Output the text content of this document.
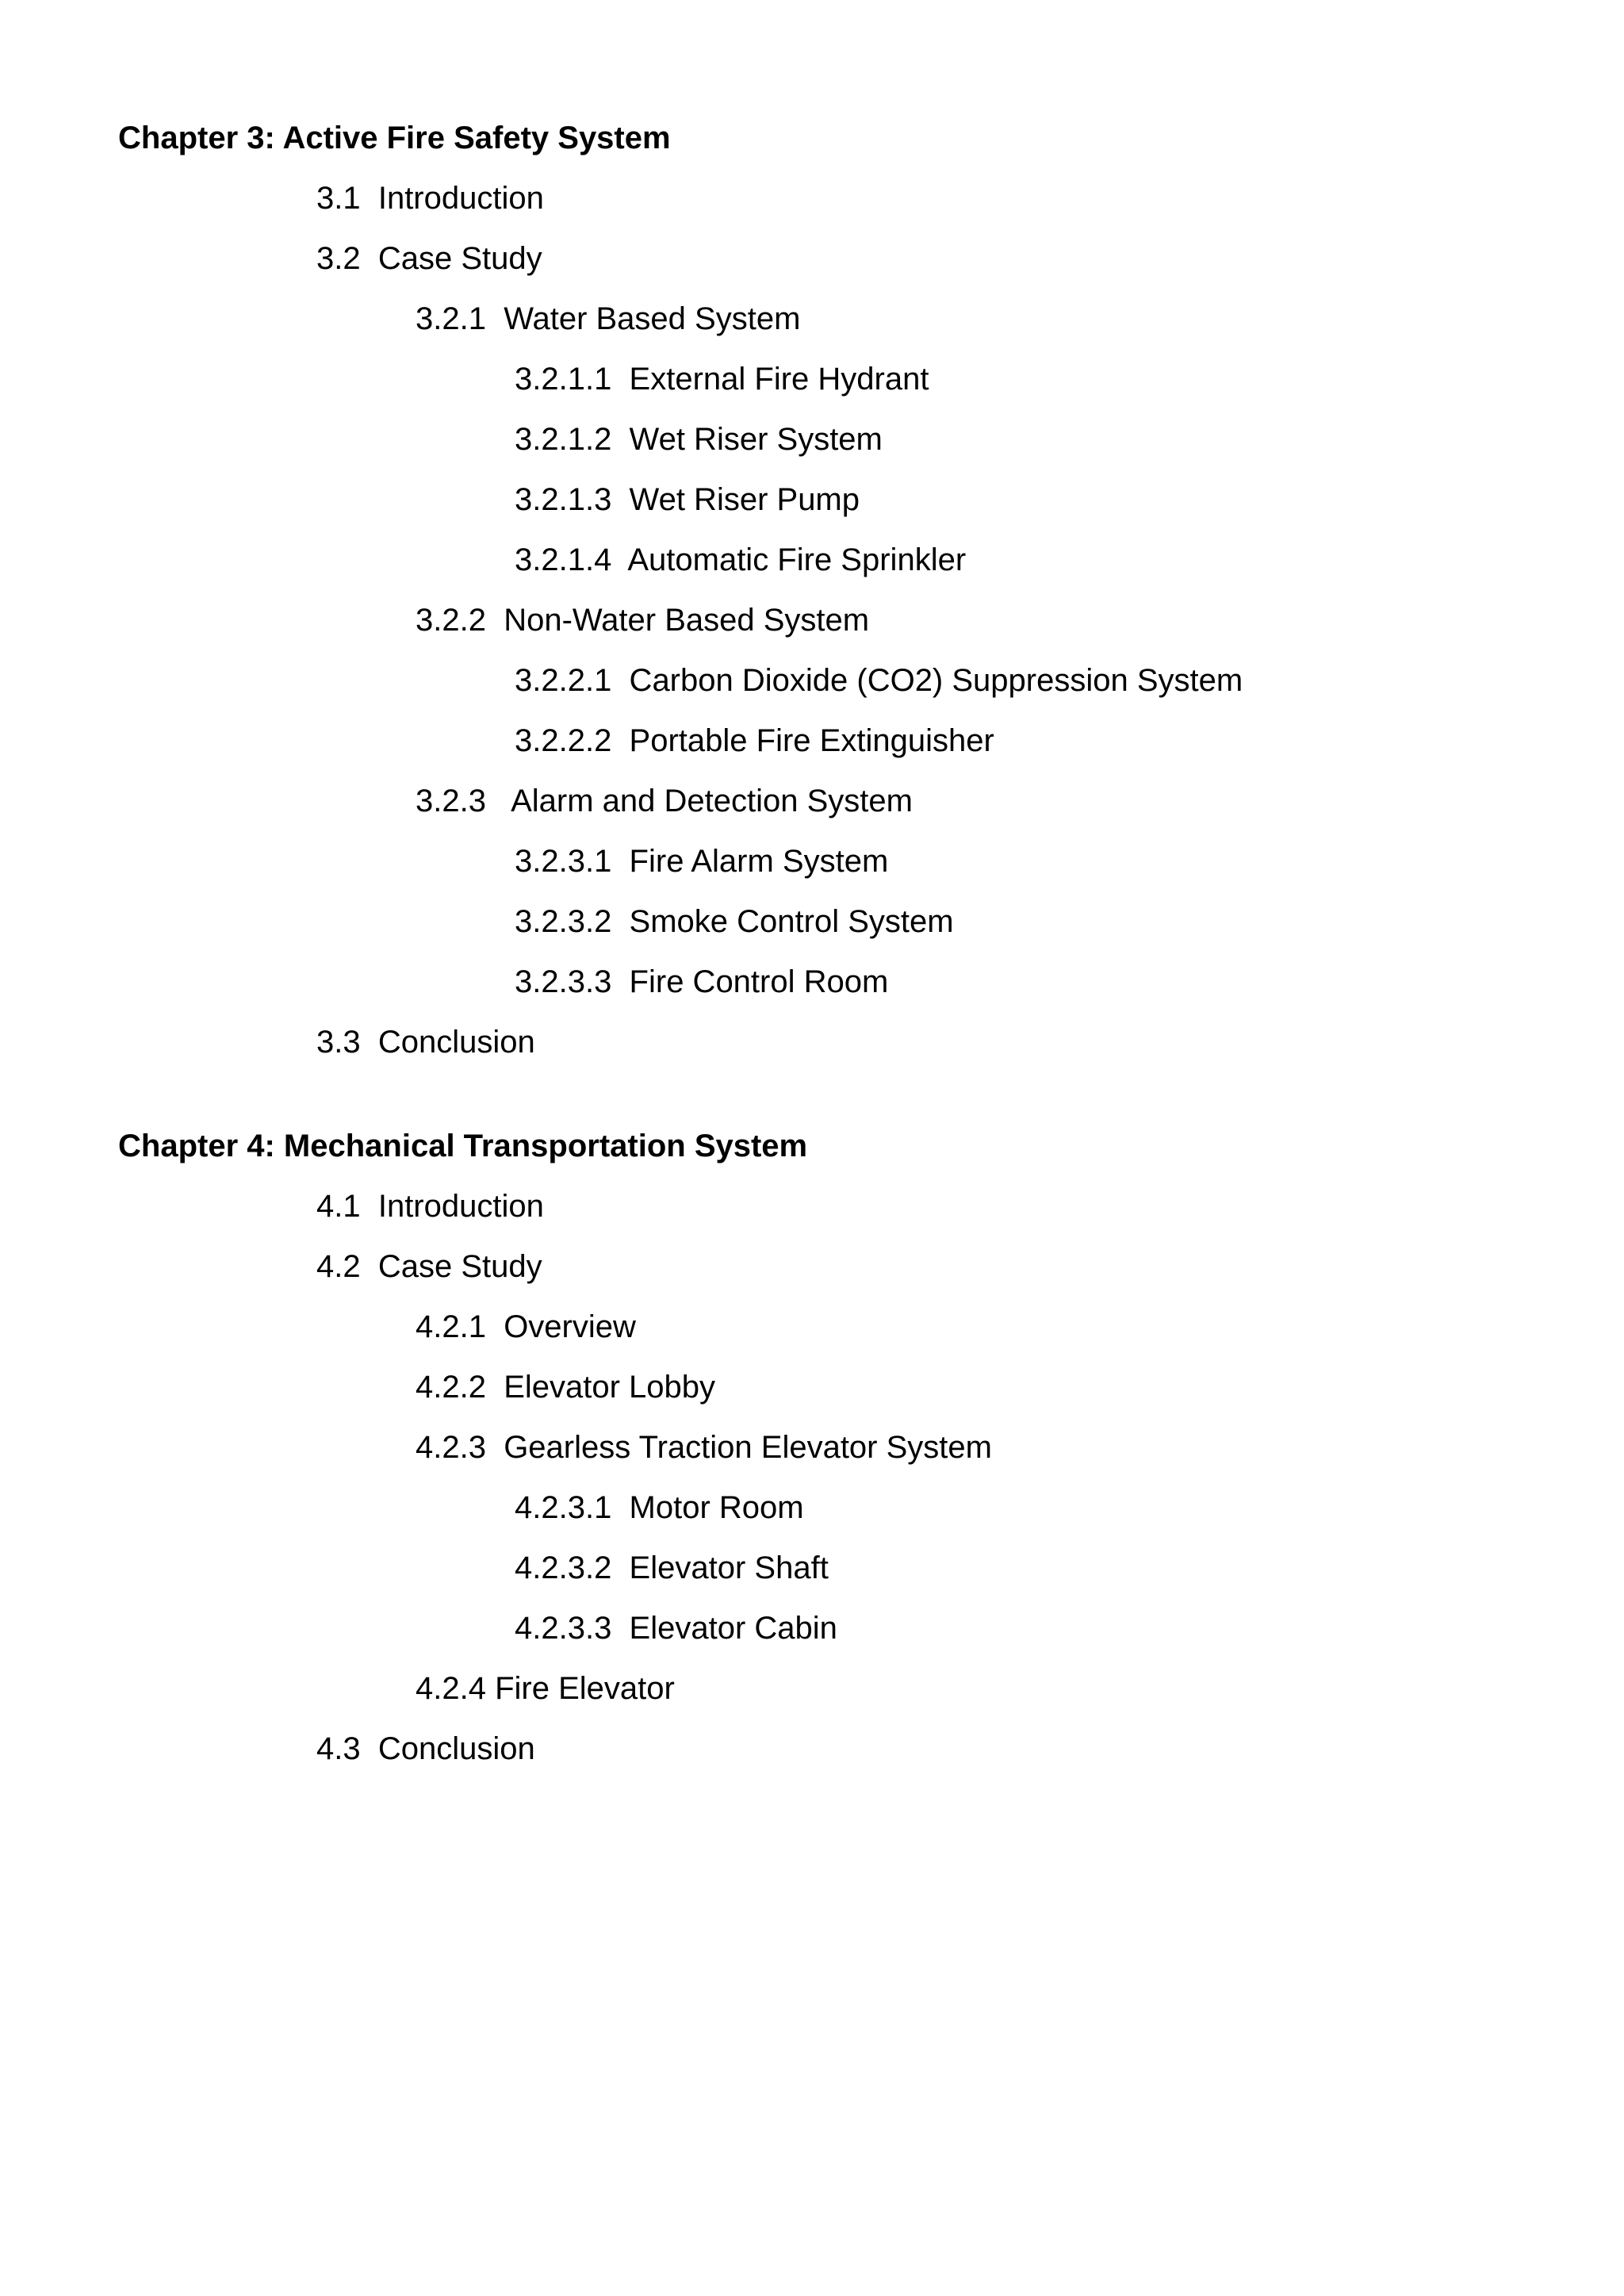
Chapter 3: Active Fire Safety System
3.1  Introduction
3.2  Case Study
3.2.1  Water Based System
3.2.1.1  External Fire Hydrant
3.2.1.2  Wet Riser System
3.2.1.3  Wet Riser Pump
3.2.1.4  Automatic Fire Sprinkler
3.2.2  Non-Water Based System
3.2.2.1  Carbon Dioxide (CO2) Suppression System
3.2.2.2  Portable Fire Extinguisher
3.2.3   Alarm and Detection System
3.2.3.1  Fire Alarm System
3.2.3.2  Smoke Control System
3.2.3.3  Fire Control Room
3.3  Conclusion
Chapter 4: Mechanical Transportation System
4.1  Introduction
4.2  Case Study
4.2.1  Overview
4.2.2  Elevator Lobby
4.2.3  Gearless Traction Elevator System
4.2.3.1  Motor Room
4.2.3.2  Elevator Shaft
4.2.3.3  Elevator Cabin
4.2.4 Fire Elevator
4.3  Conclusion
